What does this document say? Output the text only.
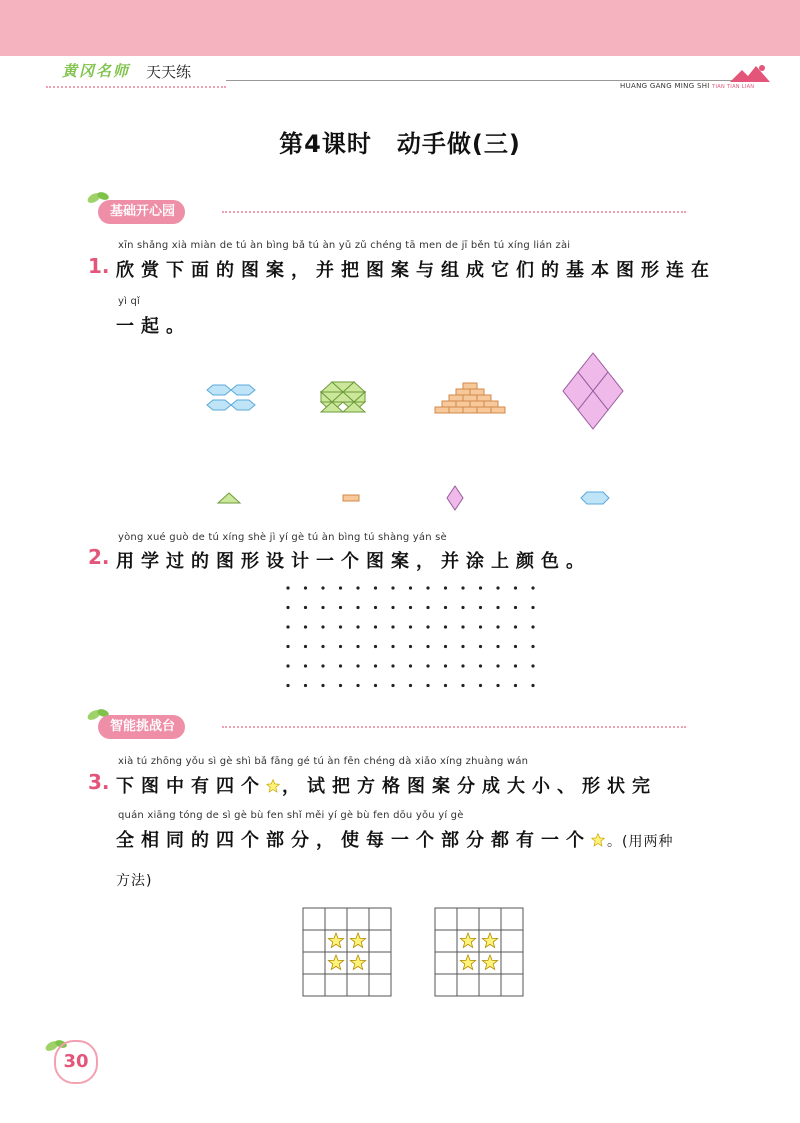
黄冈名师 天天练
HUANG GANG MING SHI TIAN TIAN LIAN
第4课时　动手做(三)
基础开心园
xīn shǎng xià miàn de tú àn bìng bǎ tú àn yǔ zǔ chéng tā men de jī běn tú xíng lián zài
1. 欣赏下面的图案，并把图案与组成它们的基本图形连在
yì qǐ
一起。
yòng xué guò de tú xíng shè jì yí gè tú àn bìng tú shàng yán sè
2. 用学过的图形设计一个图案，并涂上颜色。
智能挑战台
xià tú zhōng yǒu sì gè shì bǎ fāng gé tú àn fēn chéng dà xiǎo xíng zhuàng wán
3. 下图中有四个 ，试把方格图案分成大小、形状完
quán xiāng tóng de sì gè bù fen shǐ měi yí gè bù fen dōu yǒu yí gè
全相同的四个部分，使每一个部分都有一个 。(用两种
方法)
30
